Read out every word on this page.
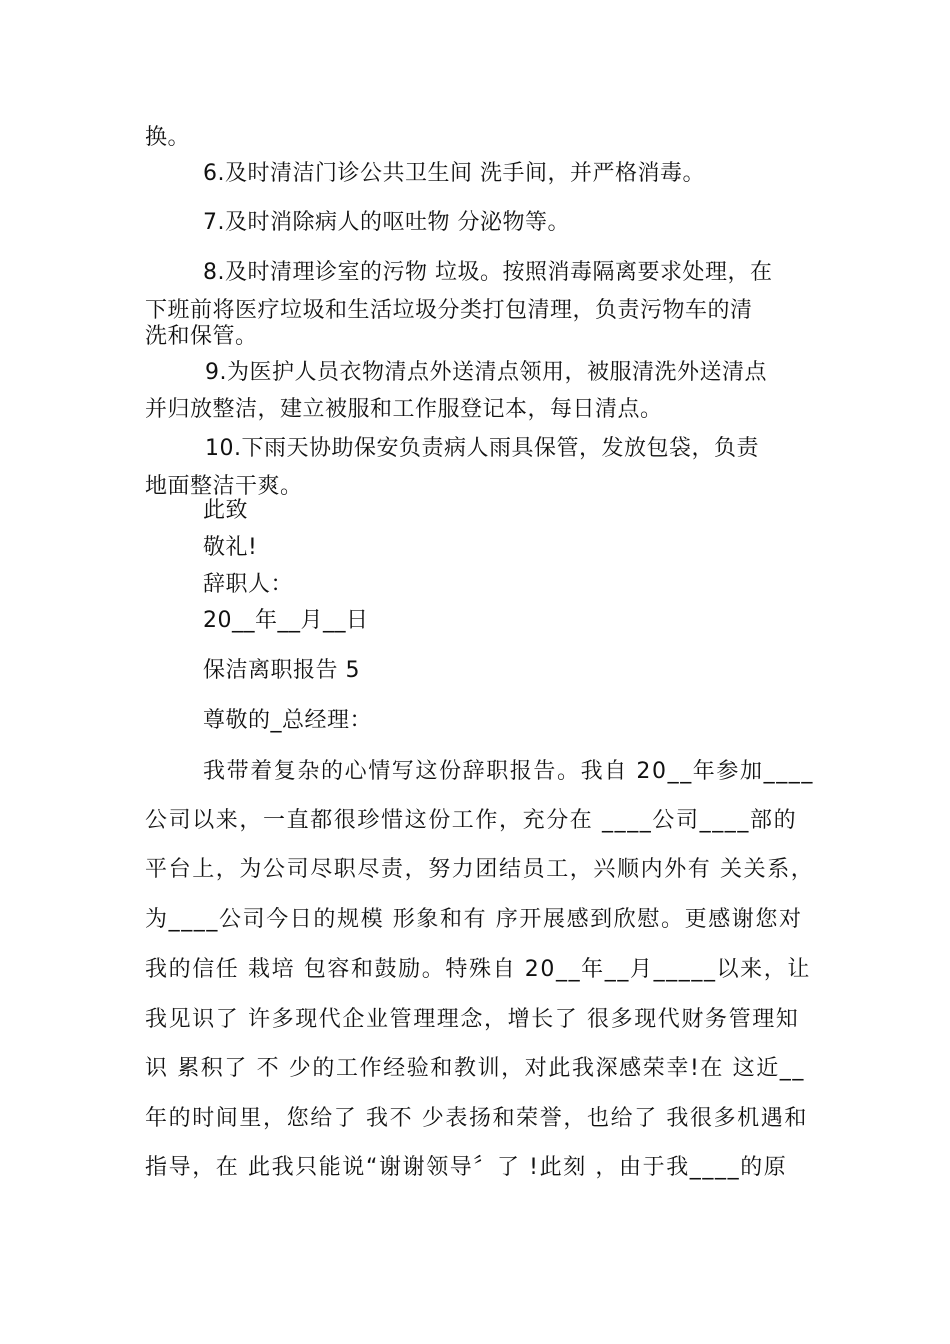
换。
6.及时清洁门诊公共卫生间 洗手间，并严格消毒。
7.及时消除病人的呕吐物 分泌物等。
8.及时清理诊室的污物 垃圾。按照消毒隔离要求处理，在
下班前将医疗垃圾和生活垃圾分类打包清理，负责污物车的清
洗和保管。
9.为医护人员衣物清点外送清点领用，被服清洗外送清点
并归放整洁，建立被服和工作服登记本，每日清点。
10.下雨天协助保安负责病人雨具保管，发放包袋，负责
地面整洁干爽。
此致
敬礼!
辞职人：
20__年__月__日
保洁离职报告 5
尊敬的_总经理：
我带着复杂的心情写这份辞职报告。我自 20__年参加____
公司以来，一直都很珍惜这份工作，充分在 ____公司____部的
平台上，为公司尽职尽责，努力团结员工，兴顺内外有 关关系，
为____公司今日的规模 形象和有 序开展感到欣慰。更感谢您对
我的信任 栽培 包容和鼓励。特殊自 20__年__月_____以来，让
我见识了 许多现代企业管理理念，增长了 很多现代财务管理知
识 累积了 不 少的工作经验和教训，对此我深感荣幸!在 这近__
年的时间里，您给了 我不 少表扬和荣誉，也给了 我很多机遇和
指导，在 此我只能说“谢谢领导〞了 !此刻 ，由于我____的原
